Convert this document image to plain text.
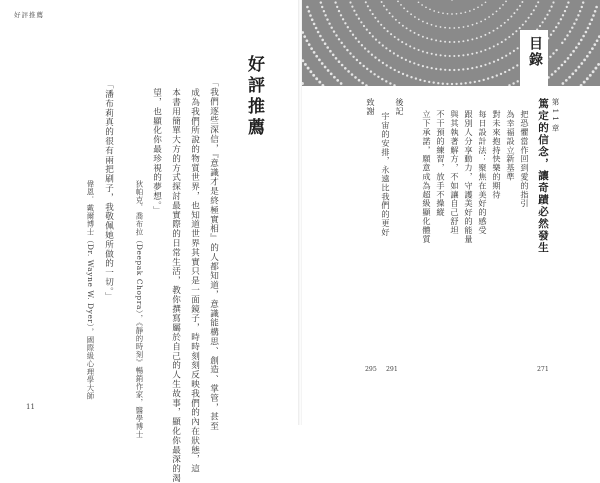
好評推薦
好評推薦
「我們逐些深信，『意識才是終極實相』的人都知道，意識能構思、創造、掌管，甚至
成為我們所說的物質世界，也知道世界其實只是一面鏡子，時時刻刻反映我們的內在狀態，這
本書用簡單大方的方式探討最實際的日常生活，教你撰寫屬於自己的人生故事，顯化你最深的渴
望，也顯化你最珍視的夢想。」
狄帕克．喬布拉（Deepak Chopra），《靜的時刻》暢銷作家，醫學博士
「潘布莉真的很有兩把刷子，我敬佩她所做的一切。」
偉恩．戴爾博士（Dr. Wayne W. Dyer），國際級心理學大師
11
目錄
第11章
篤定的信念，讓奇蹟必然發生
把恐懼當作回到愛的指引
為幸福設立新基準
對未來抱持快樂的期待
每日設計法：聚焦在美好的感受
跟別人分享動力，守護美好的能量
與其執著解方，不如讓自己舒坦
不干預的練習，放手不操縱
立下承諾，願意成為超級顯化體質
後記
宇宙的安排，永遠比我們的更好
致謝
271
291
295
